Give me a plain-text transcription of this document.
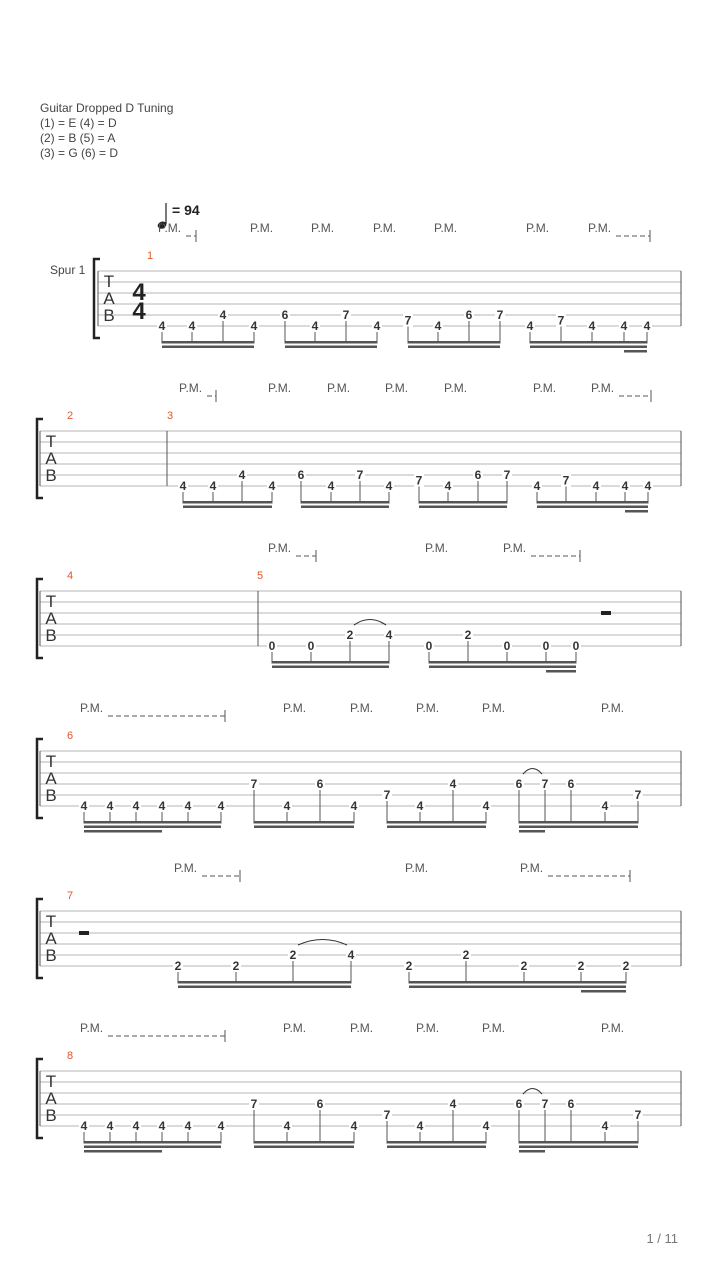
Guitar Dropped D Tuning
(1) = E (4) = D
(2) = B (5) = A
(3) = G (6) = D
= 94
Spur 1
T
A
B
4
4
1
P.M.	P.M.	P.M.	P.M.	P.M.	P.M.	P.M.
4 4
4
4
6
4
7
4 7 4
6 7
4 7 4 4 4
T
A
B
2	3
P.M.	P.M.	P.M.	P.M.	P.M.	P.M.	P.M.
4 4
4
4
6
4
7
4 7 4
6 7
4 7 4 4 4
T
A
B
4	5
P.M.	P.M.	P.M.
0	0
2	4
0
2
0	0 0
T
A
B
6
P.M.	P.M.	P.M.	P.M.	P.M.	P.M.
4 4 4 4 4 4
7
4
6
4
7
4
4
4
6 7 6
4
7
T
A
B
7
P.M.	P.M.	P.M.
2	2
2	4
2
2
2	2	2
T
A
B
8
P.M.	P.M.	P.M.	P.M.	P.M.	P.M.
4 4 4 4 4 4
7
4
6
4
7
4
4
4
6 7 6
4
7
1 / 11
